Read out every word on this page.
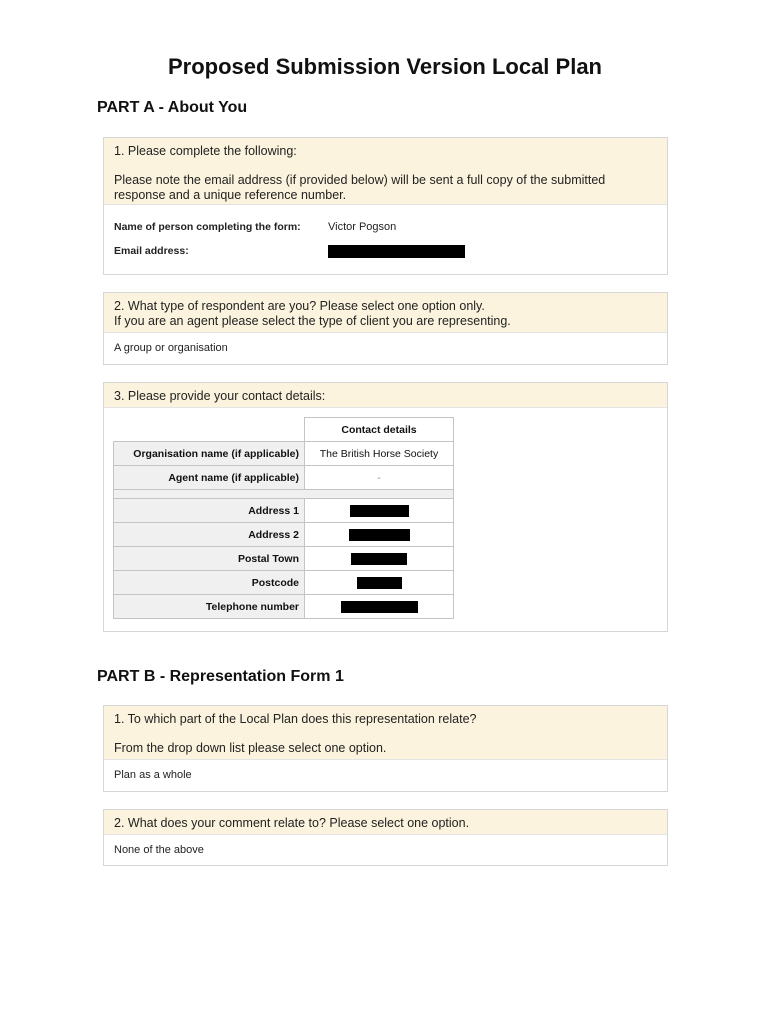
Proposed Submission Version Local Plan
PART A - About You

1. Please complete the following:

Please note the email address (if provided below) will be sent a full copy of the submitted response and a unique reference number.

Name of person completing the form:	Victor Pogson
Email address:
2. What type of respondent are you? Please select one option only.
If you are an agent please select the type of client you are representing.
A group or organisation
3. Please provide your contact details:
	Contact details
Organisation name (if applicable)	The British Horse Society
Agent name (if applicable)	-

Address 1	
Address 2	
Postal Town	
Postcode	
Telephone number	
PART B - Representation Form 1

1. To which part of the Local Plan does this representation relate?

From the drop down list please select one option.

Plan as a whole
2. What does your comment relate to? Please select one option.
None of the above
